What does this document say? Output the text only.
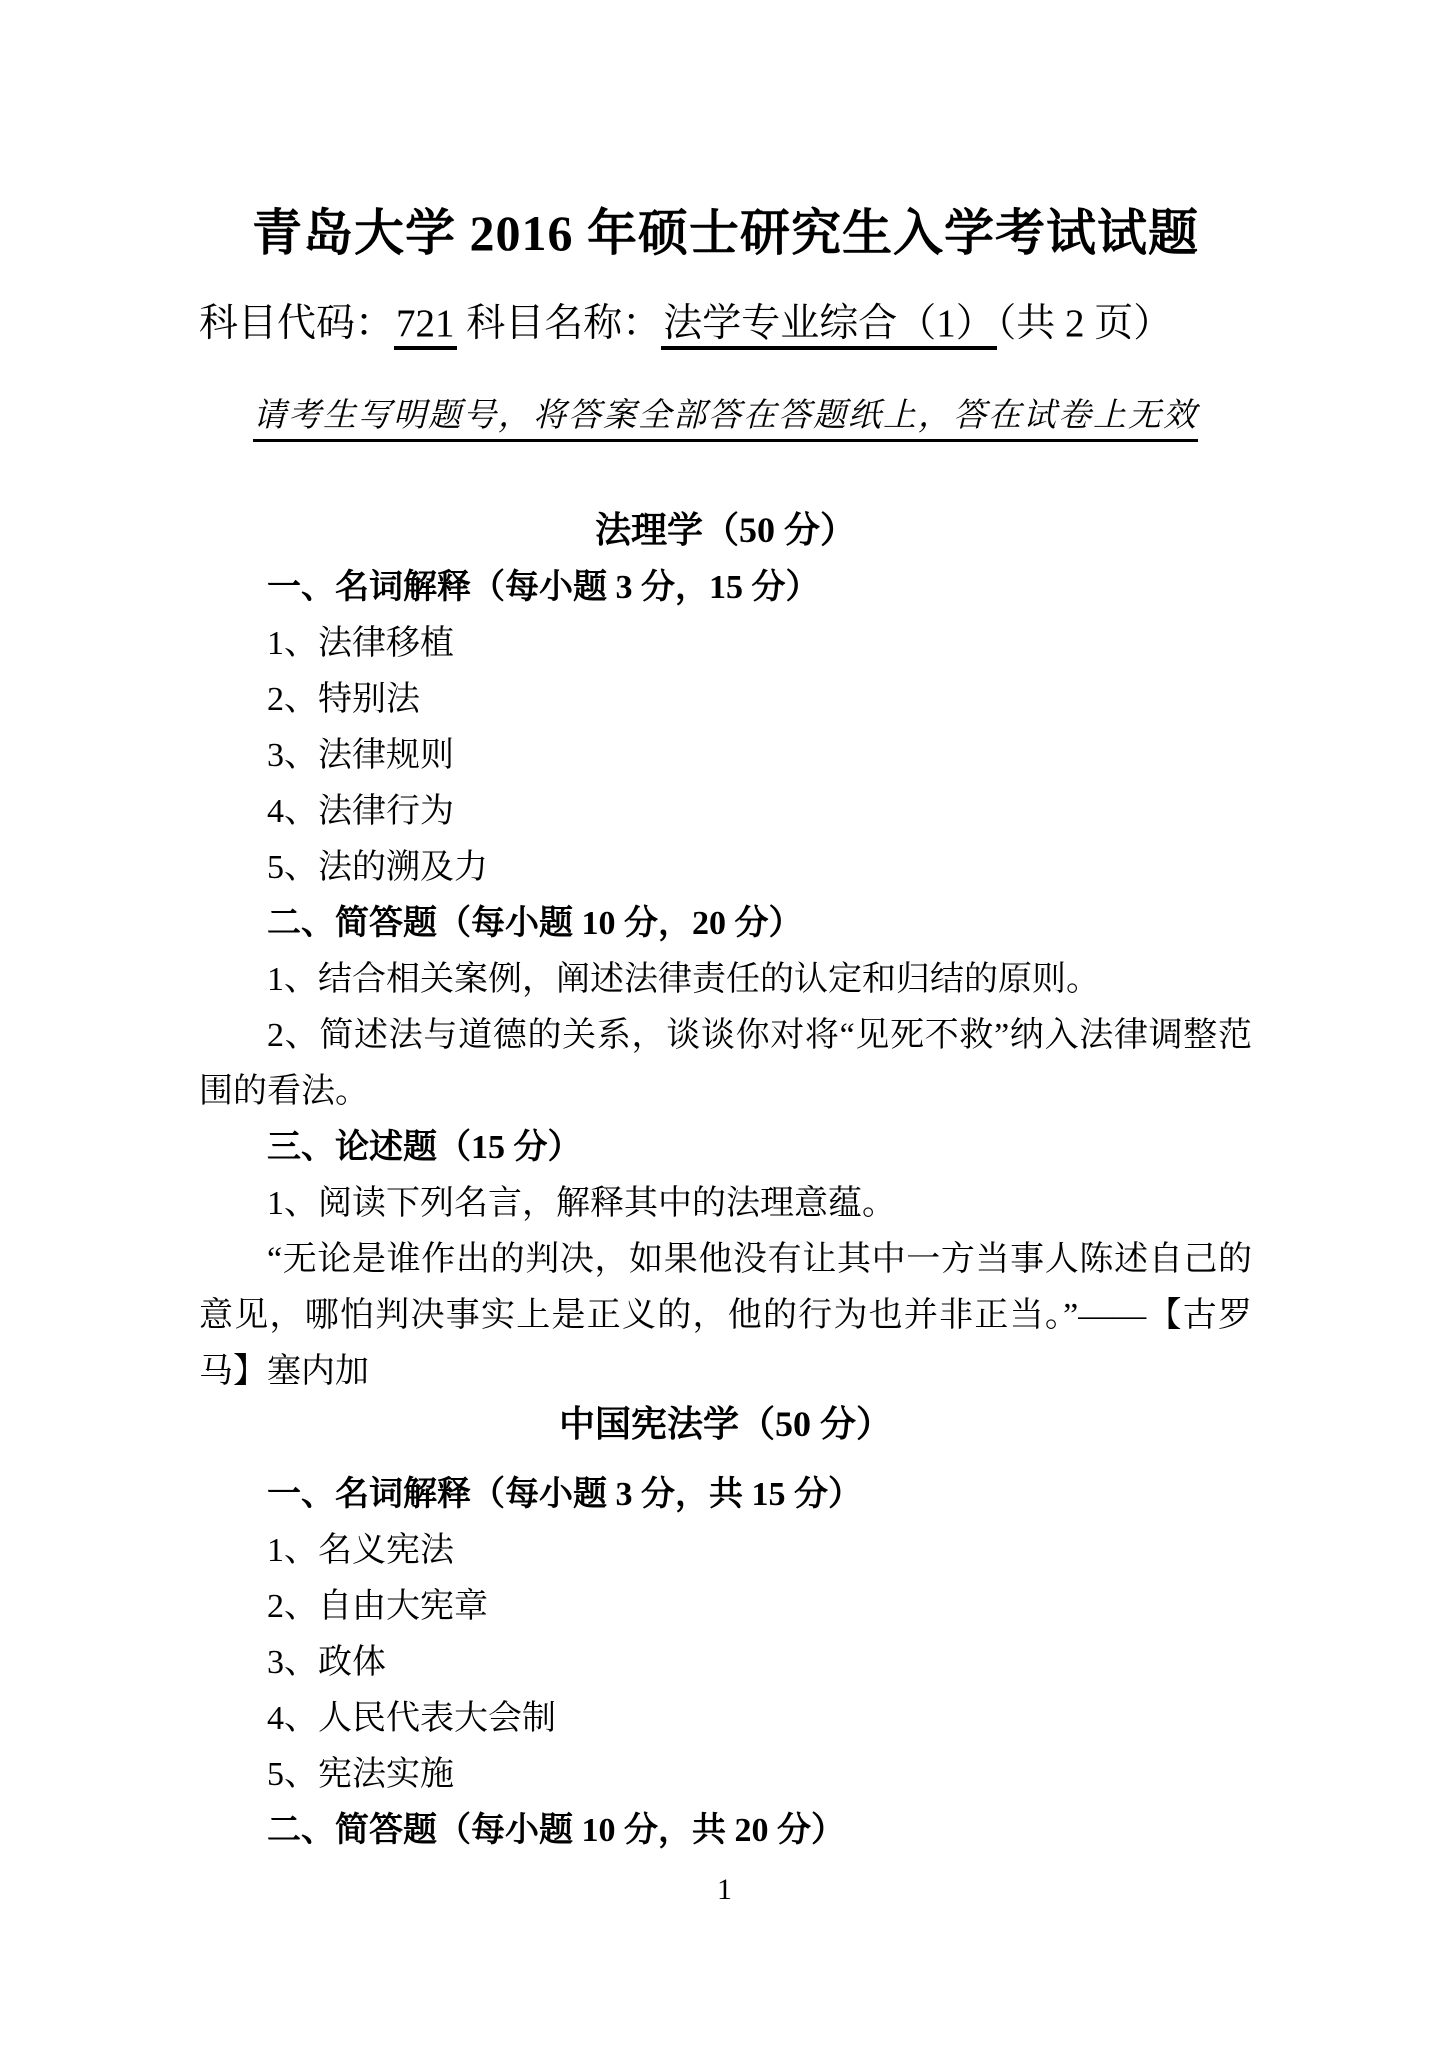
青岛大学 2016 年硕士研究生入学考试试题
科目代码：721 科目名称：法学专业综合（1）（共 2 页）
请考生写明题号，将答案全部答在答题纸上，答在试卷上无效
法理学（50 分）

一、名词解释（每小题 3 分，15 分）

1、法律移植

2、特别法

3、法律规则

4、法律行为

5、法的溯及力

二、简答题（每小题 10 分，20 分）

1、结合相关案例，阐述法律责任的认定和归结的原则。

2、简述法与道德的关系，谈谈你对将“见死不救”纳入法律调整范围的看法。

三、论述题（15 分）

1、阅读下列名言，解释其中的法理意蕴。

“无论是谁作出的判决，如果他没有让其中一方当事人陈述自己的意见，哪怕判决事实上是正义的，他的行为也并非正当。”——【古罗马】塞内加

中国宪法学（50 分）

一、名词解释（每小题 3 分，共 15 分）

1、名义宪法

2、自由大宪章

3、政体

4、人民代表大会制

5、宪法实施

二、简答题（每小题 10 分，共 20 分）

1
